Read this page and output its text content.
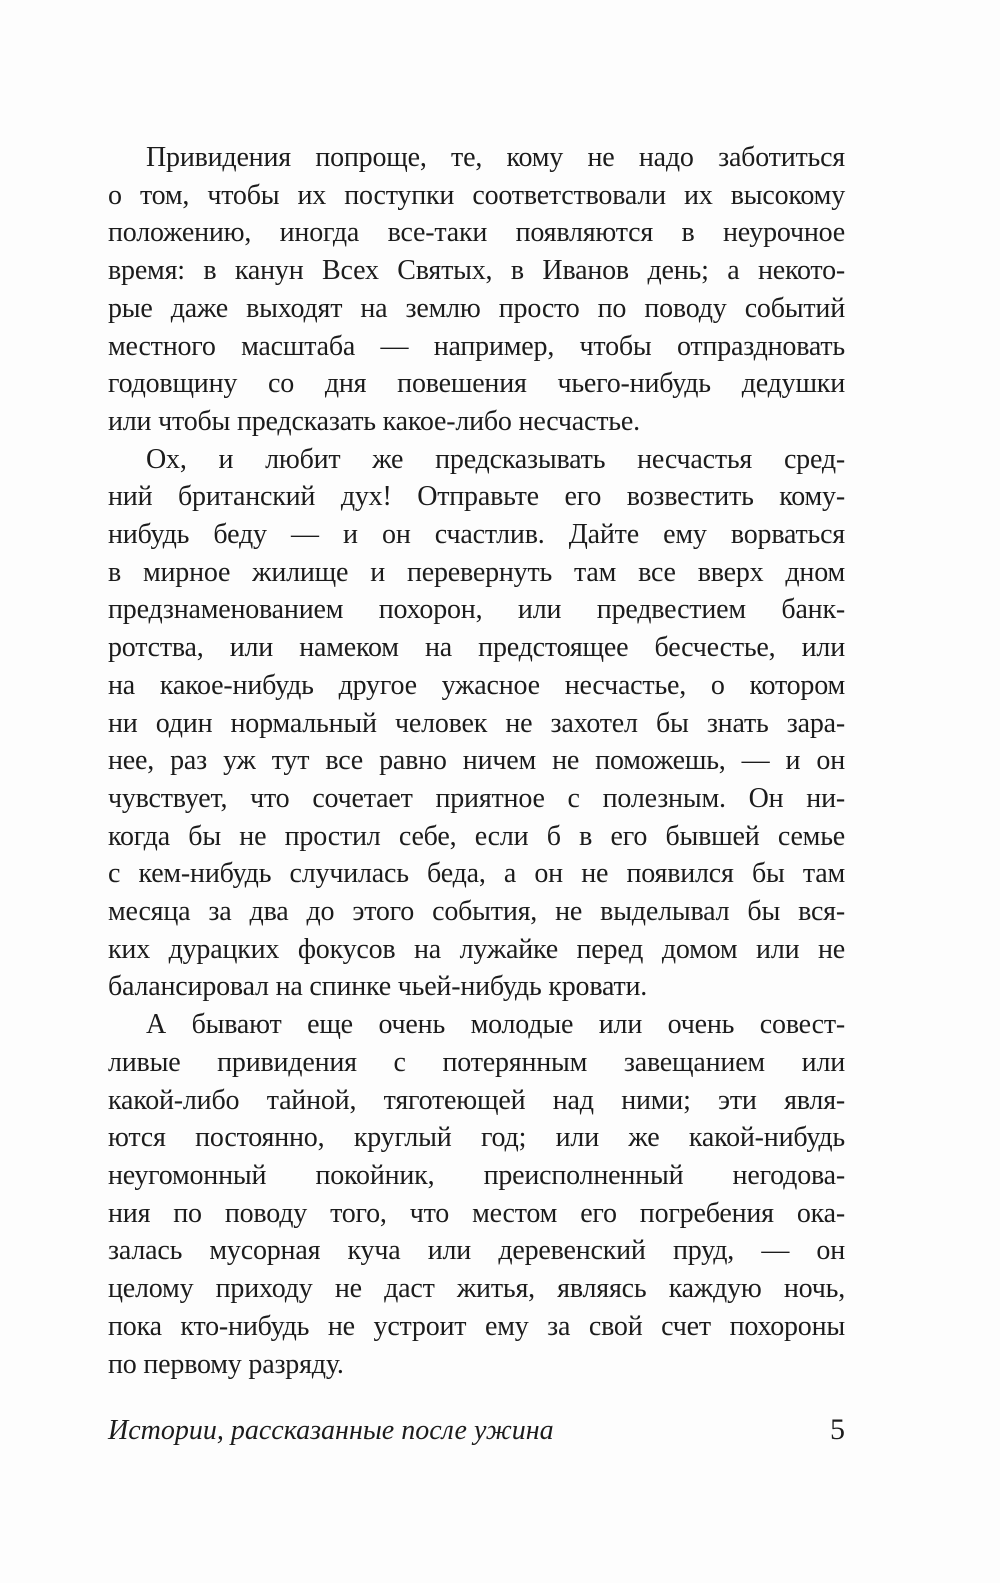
Привидения попроще, те, кому не надо заботиться
о том, чтобы их поступки соответствовали их высокому
положению, иногда все-таки появляются в неурочное
время: в канун Всех Святых, в Иванов день; а некото-
рые даже выходят на землю просто по поводу событий
местного масштаба — например, чтобы отпраздновать
годовщину со дня повешения чьего-нибудь дедушки
или чтобы предсказать какое-либо несчастье.
Ох, и любит же предсказывать несчастья сред-
ний британский дух! Отправьте его возвестить кому-
нибудь беду — и он счастлив. Дайте ему ворваться
в мирное жилище и перевернуть там все вверх дном
предзнаменованием похорон, или предвестием банк-
ротства, или намеком на предстоящее бесчестье, или
на какое-нибудь другое ужасное несчастье, о котором
ни один нормальный человек не захотел бы знать зара-
нее, раз уж тут все равно ничем не поможешь, — и он
чувствует, что сочетает приятное с полезным. Он ни-
когда бы не простил себе, если б в его бывшей семье
с кем-нибудь случилась беда, а он не появился бы там
месяца за два до этого события, не выделывал бы вся-
ких дурацких фокусов на лужайке перед домом или не
балансировал на спинке чьей-нибудь кровати.
А бывают еще очень молодые или очень совест-
ливые привидения с потерянным завещанием или
какой-либо тайной, тяготеющей над ними; эти явля-
ются постоянно, круглый год; или же какой-нибудь
неугомонный покойник, преисполненный негодова-
ния по поводу того, что местом его погребения ока-
залась мусорная куча или деревенский пруд, — он
целому приходу не даст житья, являясь каждую ночь,
пока кто-нибудь не устроит ему за свой счет похороны
по первому разряду.
Истории, рассказанные после ужина	5
